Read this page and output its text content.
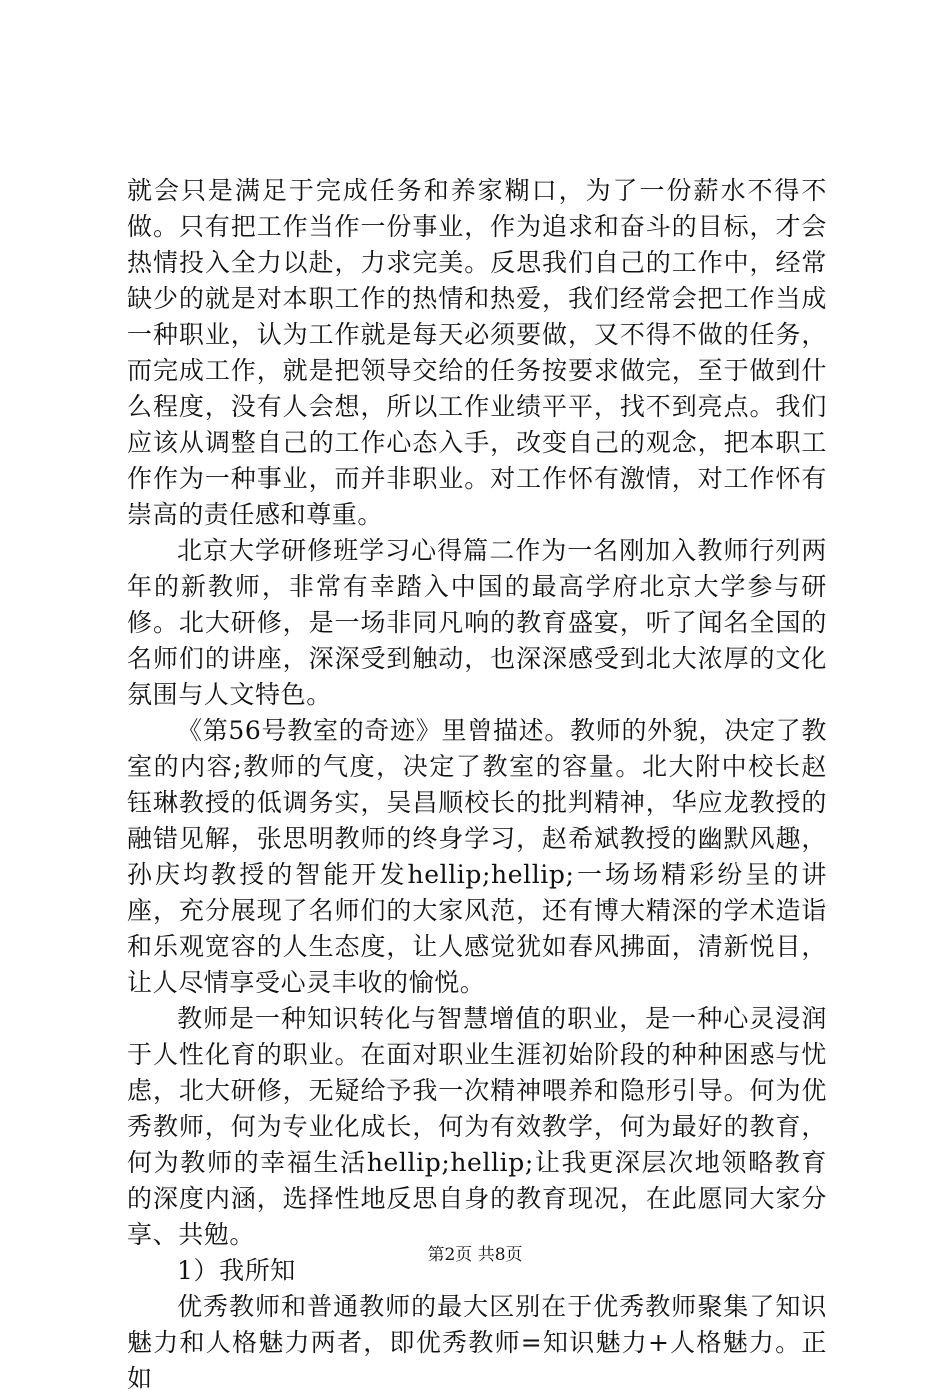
就会只是满足于完成任务和养家糊口，为了一份薪水不得不做。只有把工作当作一份事业，作为追求和奋斗的目标，才会热情投入全力以赴，力求完美。反思我们自己的工作中，经常缺少的就是对本职工作的热情和热爱，我们经常会把工作当成一种职业，认为工作就是每天必须要做，又不得不做的任务，而完成工作，就是把领导交给的任务按要求做完，至于做到什么程度，没有人会想，所以工作业绩平平，找不到亮点。我们应该从调整自己的工作心态入手，改变自己的观念，把本职工作作为一种事业，而并非职业。对工作怀有激情，对工作怀有崇高的责任感和尊重。

北京大学研修班学习心得篇二作为一名刚加入教师行列两年的新教师，非常有幸踏入中国的最高学府北京大学参与研修。北大研修，是一场非同凡响的教育盛宴，听了闻名全国的名师们的讲座，深深受到触动，也深深感受到北大浓厚的文化氛围与人文特色。

《第56号教室的奇迹》里曾描述。教师的外貌，决定了教室的内容;教师的气度，决定了教室的容量。北大附中校长赵钰琳教授的低调务实，吴昌顺校长的批判精神，华应龙教授的融错见解，张思明教师的终身学习，赵希斌教授的幽默风趣，孙庆均教授的智能开发hellip;hellip;一场场精彩纷呈的讲座，充分展现了名师们的大家风范，还有博大精深的学术造诣和乐观宽容的人生态度，让人感觉犹如春风拂面，清新悦目，让人尽情享受心灵丰收的愉悦。

教师是一种知识转化与智慧增值的职业，是一种心灵浸润于人性化育的职业。在面对职业生涯初始阶段的种种困惑与忧虑，北大研修，无疑给予我一次精神喂养和隐形引导。何为优秀教师，何为专业化成长，何为有效教学，何为最好的教育，何为教师的幸福生活hellip;hellip;让我更深层次地领略教育的深度内涵，选择性地反思自身的教育现况，在此愿同大家分享、共勉。

1）我所知

优秀教师和普通教师的最大区别在于优秀教师聚集了知识魅力和人格魅力两者，即优秀教师=知识魅力+人格魅力。正如

第2页 共8页
